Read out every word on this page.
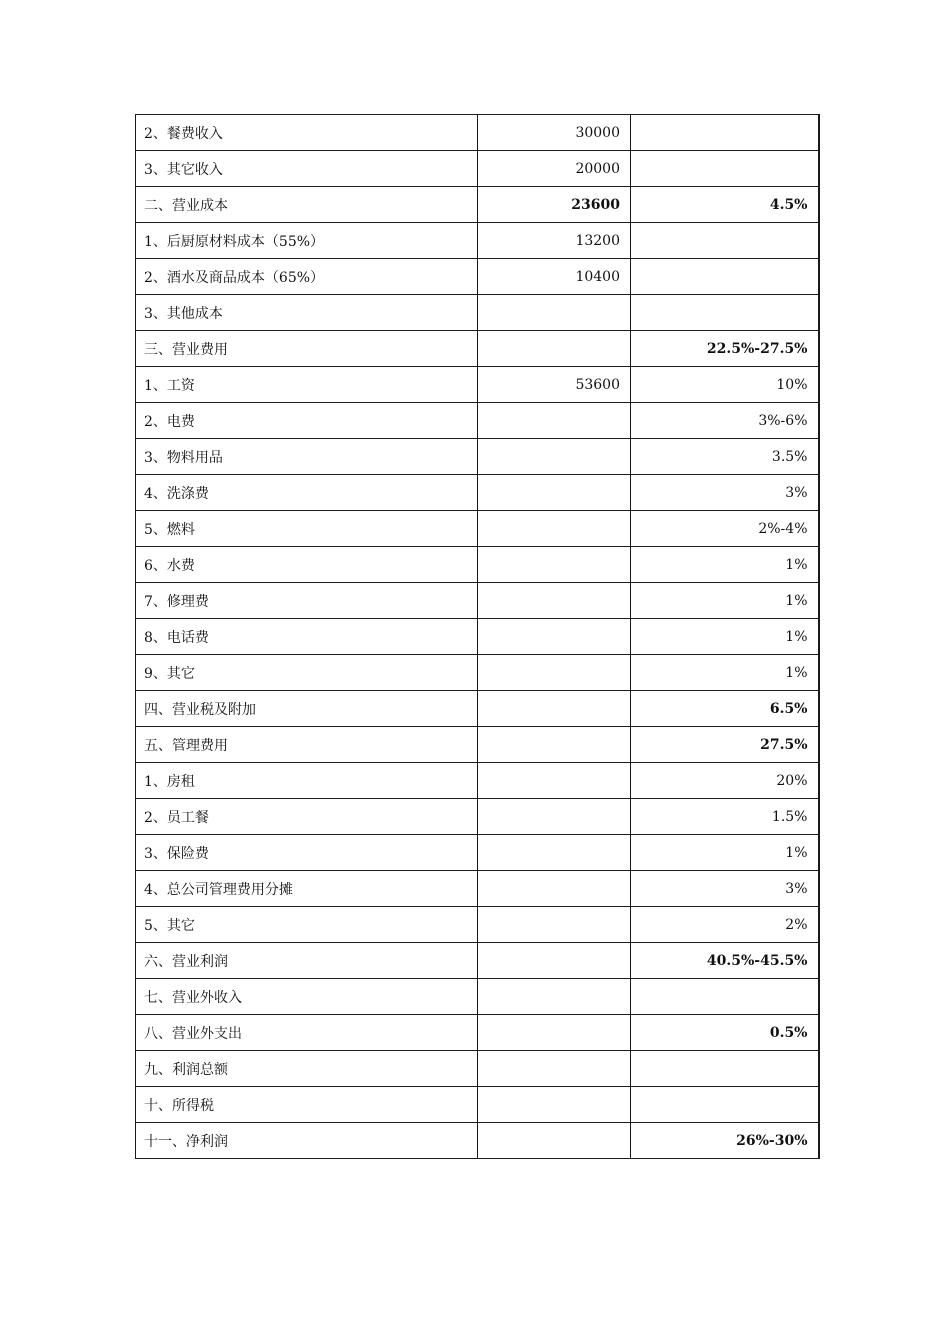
2、餐费收入	30000	
3、其它收入	20000	
二、营业成本	23600	4.5%
1、后厨原材料成本（55%）	13200	
2、酒水及商品成本（65%）	10400	
3、其他成本		
三、营业费用		22.5%-27.5%
1、工资	53600	10%
2、电费		3%-6%
3、物料用品		3.5%
4、洗涤费		3%
5、燃料		2%-4%
6、水费		1%
7、修理费		1%
8、电话费		1%
9、其它		1%
四、营业税及附加		6.5%
五、管理费用		27.5%
1、房租		20%
2、员工餐		1.5%
3、保险费		1%
4、总公司管理费用分摊		3%
5、其它		2%
六、营业利润		40.5%-45.5%
七、营业外收入		
八、营业外支出		0.5%
九、利润总额		
十、所得税		
十一、净利润		26%-30%
